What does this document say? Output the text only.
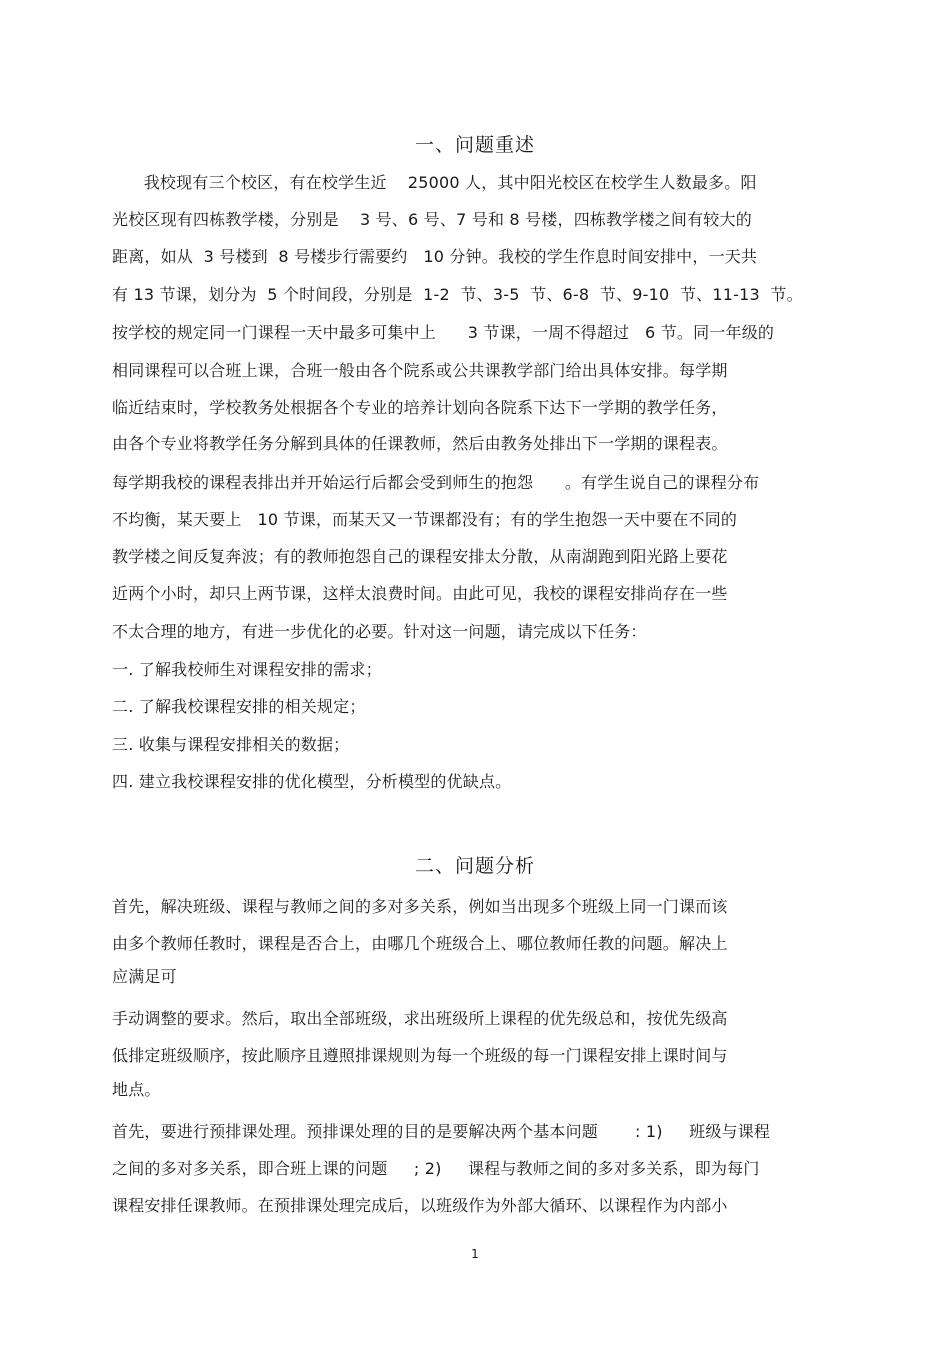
一、问题重述
我校现有三个校区，有在校学生近    25000 人，其中阳光校区在校学生人数最多。阳
光校区现有四栋教学楼，分别是    3 号、6 号、7 号和 8 号楼，四栋教学楼之间有较大的
距离，如从  3 号楼到  8 号楼步行需要约   10 分钟。我校的学生作息时间安排中，一天共
有 13 节课，划分为  5 个时间段，分别是  1-2  节、3-5  节、6-8  节、9-10  节、11-13  节。
按学校的规定同一门课程一天中最多可集中上      3 节课，一周不得超过   6 节。同一年级的
相同课程可以合班上课，合班一般由各个院系或公共课教学部门给出具体安排。每学期
临近结束时，学校教务处根据各个专业的培养计划向各院系下达下一学期的教学任务，
由各个专业将教学任务分解到具体的任课教师，然后由教务处排出下一学期的课程表。
每学期我校的课程表排出并开始运行后都会受到师生的抱怨      。有学生说自己的课程分布
不均衡，某天要上   10 节课，而某天又一节课都没有；有的学生抱怨一天中要在不同的
教学楼之间反复奔波；有的教师抱怨自己的课程安排太分散，从南湖跑到阳光路上要花
近两个小时，却只上两节课，这样太浪费时间。由此可见，我校的课程安排尚存在一些
不太合理的地方，有进一步优化的必要。针对这一问题，请完成以下任务：
一. 了解我校师生对课程安排的需求；
二. 了解我校课程安排的相关规定；
三. 收集与课程安排相关的数据；
四. 建立我校课程安排的优化模型，分析模型的优缺点。
二、问题分析
首先，解决班级、课程与教师之间的多对多关系，例如当出现多个班级上同一门课而该
由多个教师任教时，课程是否合上，由哪几个班级合上、哪位教师任教的问题。解决上
应满足可
手动调整的要求。然后，取出全部班级，求出班级所上课程的优先级总和，按优先级高
低排定班级顺序，按此顺序且遵照排课规则为每一个班级的每一门课程安排上课时间与
地点。
首先，要进行预排课处理。预排课处理的目的是要解决两个基本问题       : 1)     班级与课程
之间的多对多关系，即合班上课的问题     ; 2)     课程与教师之间的多对多关系，即为每门
课程安排任课教师。在预排课处理完成后，以班级作为外部大循环、以课程作为内部小
1
